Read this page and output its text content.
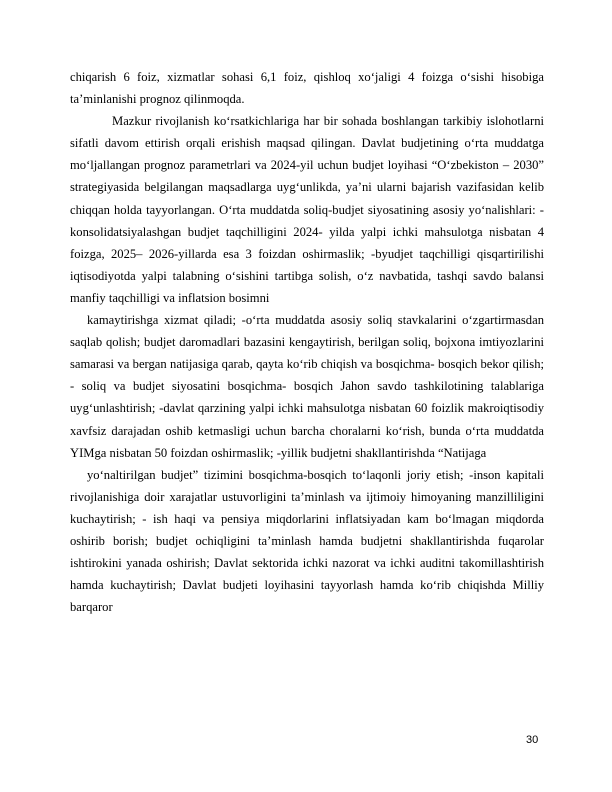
chiqarish 6 foiz, xizmatlar sohasi 6,1 foiz, qishloq xo‘jaligi 4 foizga o‘sishi hisobiga ta’minlanishi prognoz qilinmoqda.

Mazkur rivojlanish ko‘rsatkichlariga har bir sohada boshlangan tarkibiy islohotlarni sifatli davom ettirish orqali erishish maqsad qilingan. Davlat budjetining o‘rta muddatga mo‘ljallangan prognoz parametrlari va 2024-yil uchun budjet loyihasi “O‘zbekiston – 2030” strategiyasida belgilangan maqsadlarga uyg‘unlikda, ya’ni ularni bajarish vazifasidan kelib chiqqan holda tayyorlangan. O‘rta muddatda soliq-budjet siyosatining asosiy yo‘nalishlari: -konsolidatsiyalashgan budjet taqchilligini 2024- yilda yalpi ichki mahsulotga nisbatan 4 foizga, 2025– 2026-yillarda esa 3 foizdan oshirmaslik; -byudjet taqchilligi qisqartirilishi iqtisodiyotda yalpi talabning o‘sishini tartibga solish, o‘z navbatida, tashqi savdo balansi manfiy taqchilligi va inflatsion bosimni

kamaytirishga xizmat qiladi; -o‘rta muddatda asosiy soliq stavkalarini o‘zgartirmasdan saqlab qolish; budjet daromadlari bazasini kengaytirish, berilgan soliq, bojxona imtiyozlarini samarasi va bergan natijasiga qarab, qayta ko‘rib chiqish va bosqichma- bosqich bekor qilish; - soliq va budjet siyosatini bosqichma- bosqich Jahon savdo tashkilotining talablariga uyg‘unlashtirish; -davlat qarzining yalpi ichki mahsulotga nisbatan 60 foizlik makroiqtisodiy xavfsiz darajadan oshib ketmasligi uchun barcha choralarni ko‘rish, bunda o‘rta muddatda YIMga nisbatan 50 foizdan oshirmaslik; -yillik budjetni shakllantirishda “Natijaga

yo‘naltirilgan budjet” tizimini bosqichma-bosqich to‘laqonli joriy etish; -inson kapitali rivojlanishiga doir xarajatlar ustuvorligini ta’minlash va ijtimoiy himoyaning manzilliligini kuchaytirish; - ish haqi va pensiya miqdorlarini inflatsiyadan kam bo‘lmagan miqdorda oshirib borish; budjet ochiqligini ta’minlash hamda budjetni shakllantirishda fuqarolar ishtirokini yanada oshirish; Davlat sektorida ichki nazorat va ichki auditni takomillashtirish hamda kuchaytirish; Davlat budjeti loyihasini tayyorlash hamda ko‘rib chiqishda Milliy barqaror

30
